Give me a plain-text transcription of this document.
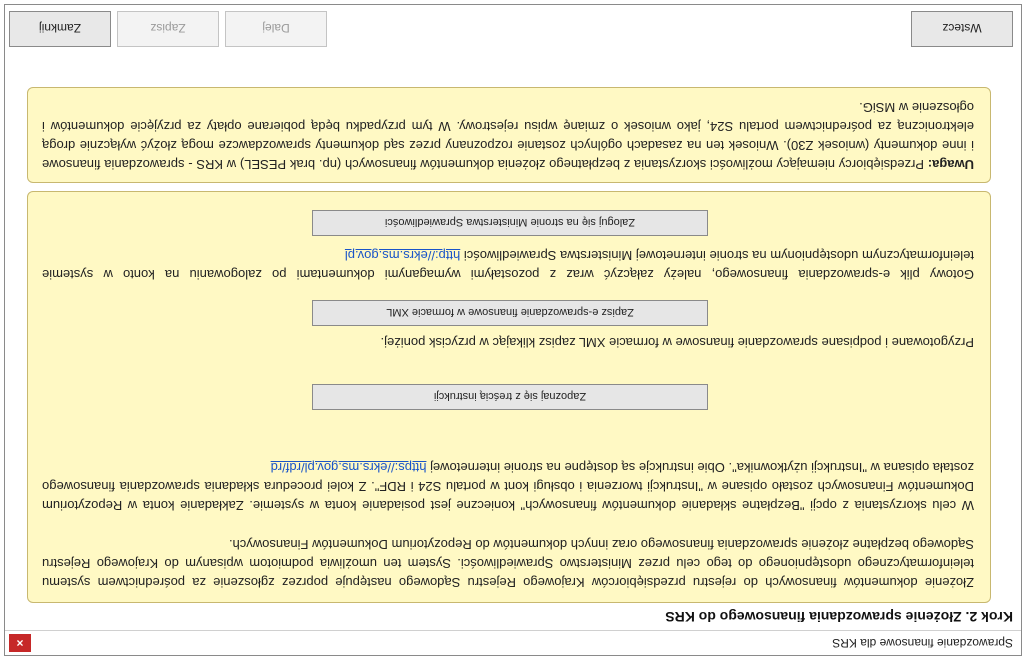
Sprawozdanie finansowe dla KRS
×
Krok 2. Złożenie sprawozdania finansowego do KRS

Złożenie dokumentów finansowych do rejestru przedsiębiorców Krajowego Rejestru Sądowego następuje poprzez zgłoszenie za pośrednictwem systemu teleinformatycznego udostępnionego do tego celu przez Ministerstwo Sprawiedliwości. System ten umożliwia podmiotom wpisanym do Krajowego Rejestru Sądowego bezpłatne złożenie sprawozdania finansowego oraz innych dokumentów do Repozytorium Dokumentów Finansowych.

W celu skorzystania z opcji "Bezpłatne składanie dokumentów finansowych" konieczne jest posiadanie konta w systemie. Zakładanie konta w Repozytorium Dokumentów Finansowych zostało opisane w "Instrukcji tworzenia i obsługi kont w portalu S24 i RDF". Z kolei procedura składania sprawozdania finansowego została opisana w "Instrukcji użytkownika". Obie instrukcje są dostępne na stronie internetowej https://ekrs.ms.gov.pl/rdf/rd

Zapoznaj się z treścią instrukcji

Przygotowane i podpisane sprawozdanie finansowe w formacie XML zapisz klikając w przycisk poniżej.

Zapisz e-sprawozdanie finansowe w formacie XML

Gotowy plik e-sprawozdania finansowego, należy załączyć wraz z pozostałymi wymaganymi dokumentami po zalogowaniu na konto w systemie teleinformatycznym udostępnionym na stronie internetowej Ministerstwa Sprawiedliwości http://ekrs.ms.gov.pl

Zaloguj się na stronie Ministerstwa Sprawiedliwości

Uwaga: Przedsiębiorcy niemający możliwości skorzystania z bezpłatnego złożenia dokumentów finansowych (np. brak PESEL) w KRS - sprawozdania finansowe i inne dokumenty (wniosek Z30). Wniosek ten na zasadach ogólnych zostanie rozpoznany przez sąd dokumenty sprawozdawcze mogą złożyć wyłącznie drogą elektroniczną za pośrednictwem portalu S24, jako wniosek o zmianę wpisu rejestrowy. W tym przypadku będą pobierane opłaty za przyjęcie dokumentów i ogłoszenie w MSiG.

Wstecz
Dalej
Zapisz
Zamknij
